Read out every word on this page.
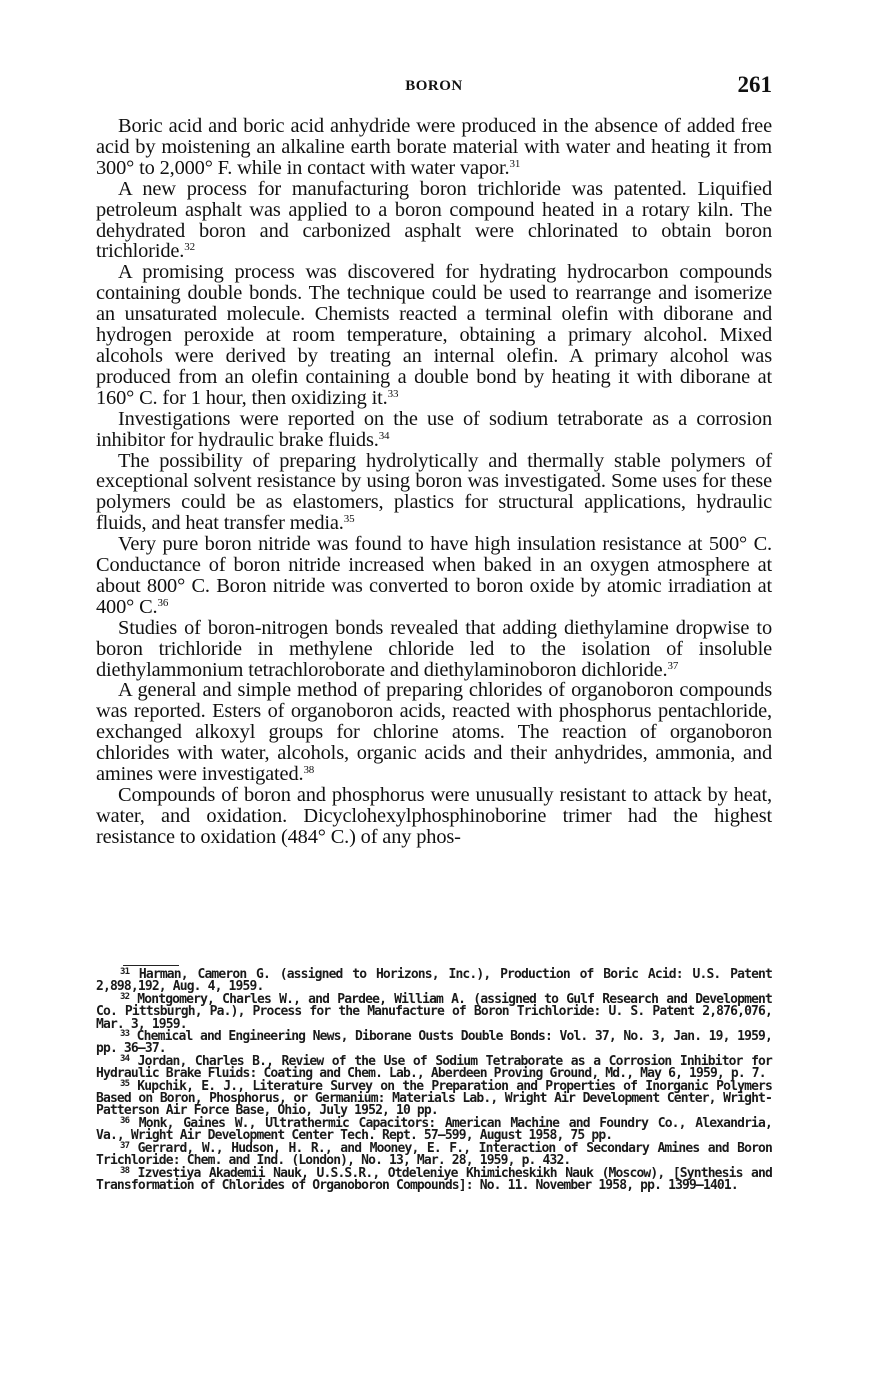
BORON	261

Boric acid and boric acid anhydride were produced in the absence of added free acid by moistening an alkaline earth borate material with water and heating it from 300° to 2,000° F. while in contact with water vapor.$^{31}$

A new process for manufacturing boron trichloride was patented. Liquified petroleum asphalt was applied to a boron compound heated in a rotary kiln. The dehydrated boron and carbonized asphalt were chlorinated to obtain boron trichloride.$^{32}$

A promising process was discovered for hydrating hydrocarbon compounds containing double bonds. The technique could be used to rearrange and isomerize an unsaturated molecule. Chemists reacted a terminal olefin with diborane and hydrogen peroxide at room temperature, obtaining a primary alcohol. Mixed alcohols were derived by treating an internal olefin. A primary alcohol was produced from an olefin containing a double bond by heating it with diborane at 160° C. for 1 hour, then oxidizing it.$^{33}$

Investigations were reported on the use of sodium tetraborate as a corrosion inhibitor for hydraulic brake fluids.$^{34}$

The possibility of preparing hydrolytically and thermally stable polymers of exceptional solvent resistance by using boron was investigated. Some uses for these polymers could be as elastomers, plastics for structural applications, hydraulic fluids, and heat transfer media.$^{35}$

Very pure boron nitride was found to have high insulation resistance at 500° C. Conductance of boron nitride increased when baked in an oxygen atmosphere at about 800° C. Boron nitride was converted to boron oxide by atomic irradiation at 400° C.$^{36}$

Studies of boron-nitrogen bonds revealed that adding diethylamine dropwise to boron trichloride in methylene chloride led to the isolation of insoluble diethylammonium tetrachloroborate and diethylaminoboron dichloride.$^{37}$

A general and simple method of preparing chlorides of organoboron compounds was reported. Esters of organoboron acids, reacted with phosphorus pentachloride, exchanged alkoxyl groups for chlorine atoms. The reaction of organoboron chlorides with water, alcohols, organic acids and their anhydrides, ammonia, and amines were investigated.$^{38}$

Compounds of boron and phosphorus were unusually resistant to attack by heat, water, and oxidation. Dicyclohexylphosphinoborine trimer had the highest resistance to oxidation (484° C.) of any phos-

$^{31}$ Harman, Cameron G. (assigned to Horizons, Inc.), Production of Boric Acid: U.S. Patent 2,898,192, Aug. 4, 1959.

$^{32}$ Montgomery, Charles W., and Pardee, William A. (assigned to Gulf Research and Development Co. Pittsburgh, Pa.), Process for the Manufacture of Boron Trichloride: U. S. Patent 2,876,076, Mar. 3, 1959.

$^{33}$ Chemical and Engineering News, Diborane Ousts Double Bonds: Vol. 37, No. 3, Jan. 19, 1959, pp. 36–37.

$^{34}$ Jordan, Charles B., Review of the Use of Sodium Tetraborate as a Corrosion Inhibitor for Hydraulic Brake Fluids: Coating and Chem. Lab., Aberdeen Proving Ground, Md., May 6, 1959, p. 7.

$^{35}$ Kupchik, E. J., Literature Survey on the Preparation and Properties of Inorganic Polymers Based on Boron, Phosphorus, or Germanium: Materials Lab., Wright Air Development Center, Wright-Patterson Air Force Base, Ohio, July 1952, 10 pp.

$^{36}$ Monk, Gaines W., Ultrathermic Capacitors: American Machine and Foundry Co., Alexandria, Va., Wright Air Development Center Tech. Rept. 57–599, August 1958, 75 pp.

$^{37}$ Gerrard, W., Hudson, H. R., and Mooney, E. F., Interaction of Secondary Amines and Boron Trichloride: Chem. and Ind. (London), No. 13, Mar. 28, 1959, p. 432.

$^{38}$ Izvestiya Akademii Nauk, U.S.S.R., Otdeleniye Khimicheskikh Nauk (Moscow), [Synthesis and Transformation of Chlorides of Organoboron Compounds]: No. 11. November 1958, pp. 1399–1401.
